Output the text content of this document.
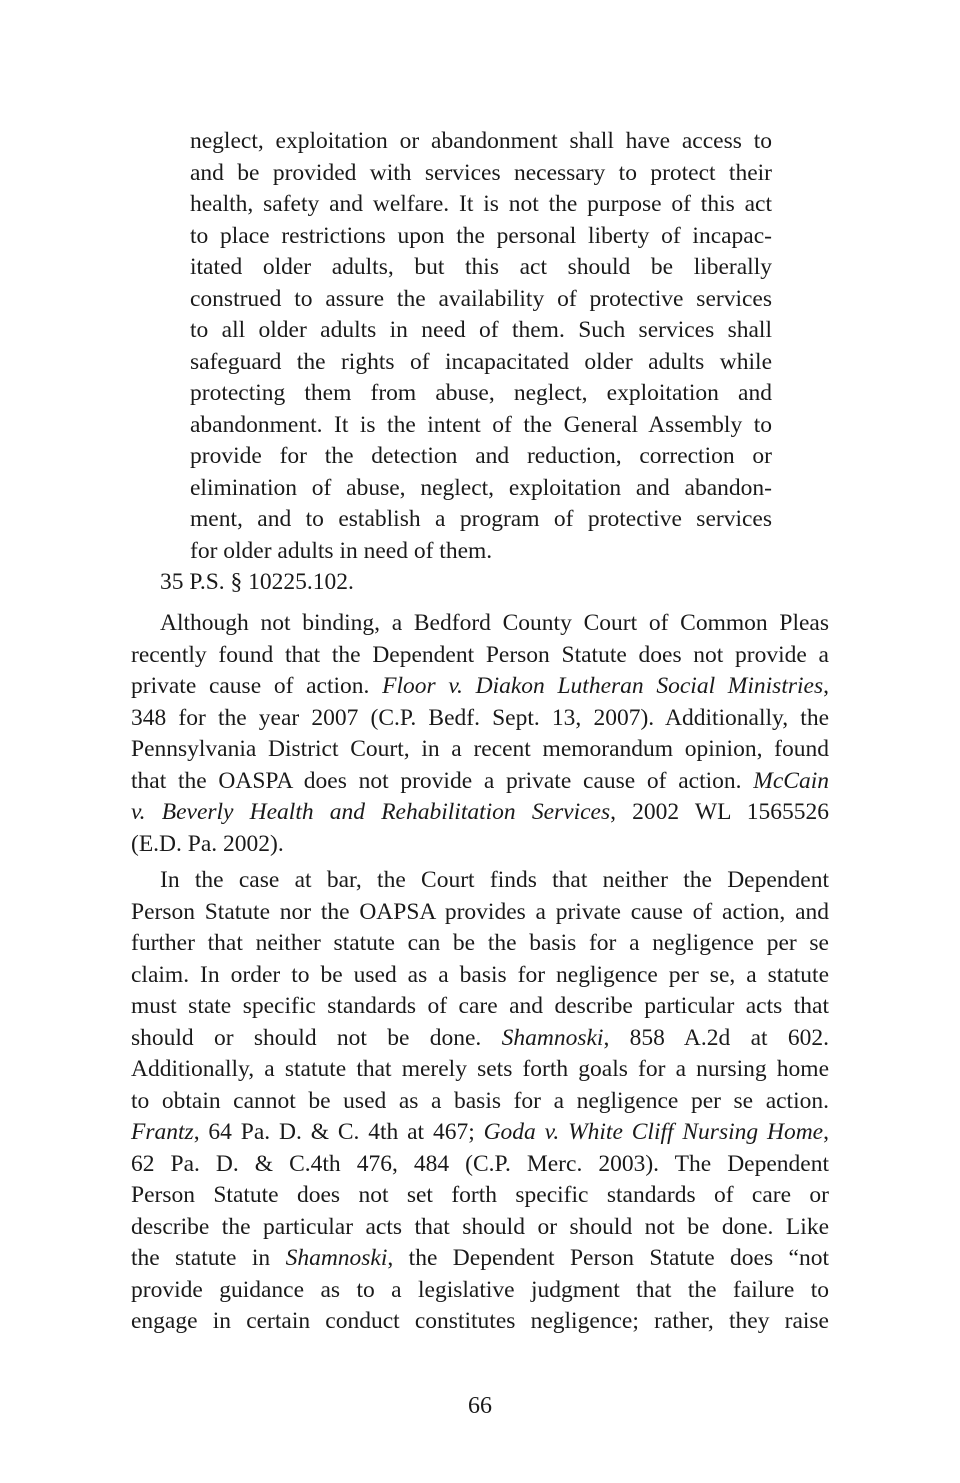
neglect, exploitation or abandonment shall have access to

and be provided with services necessary to protect their

health, safety and welfare. It is not the purpose of this act

to place restrictions upon the personal liberty of incapac-

itated older adults, but this act should be liberally

construed to assure the availability of protective services

to all older adults in need of them. Such services shall

safeguard the rights of incapacitated older adults while

protecting them from abuse, neglect, exploitation and

abandonment. It is the intent of the General Assembly to

provide for the detection and reduction, correction or

elimination of abuse, neglect, exploitation and abandon-

ment, and to establish a program of protective services

for older adults in need of them.

35 P.S. § 10225.102.

Although not binding, a Bedford County Court of Common Pleas

recently found that the Dependent Person Statute does not provide a

private cause of action. Floor v. Diakon Lutheran Social Ministries,

348 for the year 2007 (C.P. Bedf. Sept. 13, 2007). Additionally, the

Pennsylvania District Court, in a recent memorandum opinion, found

that the OASPA does not provide a private cause of action. McCain

v. Beverly Health and Rehabilitation Services, 2002 WL 1565526

(E.D. Pa. 2002).

In the case at bar, the Court finds that neither the Dependent

Person Statute nor the OAPSA provides a private cause of action, and

further that neither statute can be the basis for a negligence per se

claim. In order to be used as a basis for negligence per se, a statute

must state specific standards of care and describe particular acts that

should or should not be done. Shamnoski, 858 A.2d at 602.

Additionally, a statute that merely sets forth goals for a nursing home

to obtain cannot be used as a basis for a negligence per se action.

Frantz, 64 Pa. D. & C. 4th at 467; Goda v. White Cliff Nursing Home,

62 Pa. D. & C.4th 476, 484 (C.P. Merc. 2003). The Dependent

Person Statute does not set forth specific standards of care or

describe the particular acts that should or should not be done. Like

the statute in Shamnoski, the Dependent Person Statute does “not

provide guidance as to a legislative judgment that the failure to

engage in certain conduct constitutes negligence; rather, they raise

66
